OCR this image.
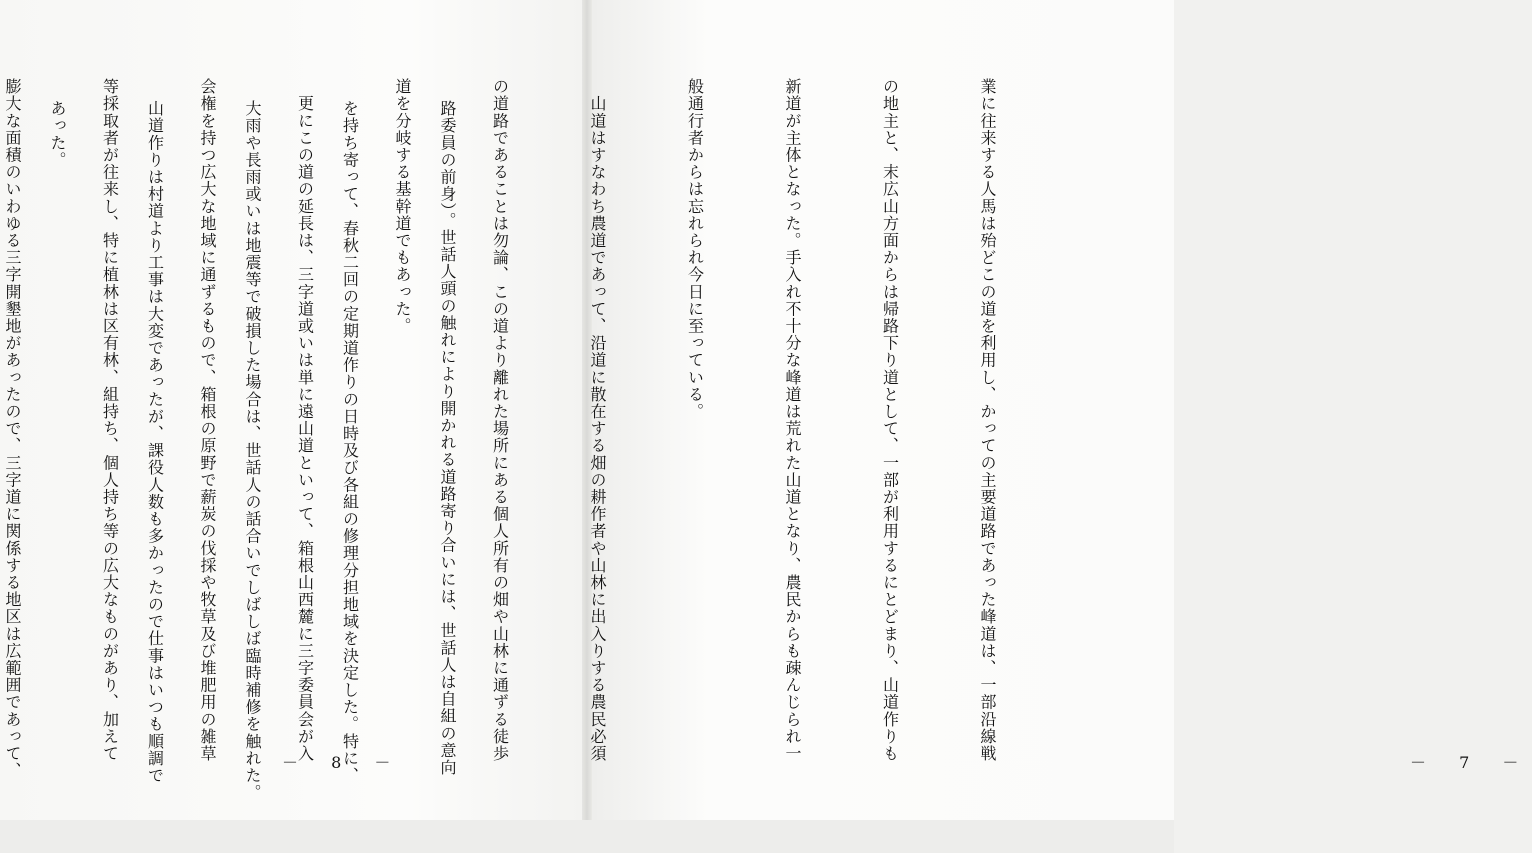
路委員の前身）。世話人頭の触れにより開かれる道路寄り合いには、世話人は自組の意向

を持ち寄って、春秋二回の定期道作りの日時及び各組の修理分担地域を決定した。特に、

大雨や長雨或いは地震等で破損した場合は、世話人の話合いでしばしば臨時補修を触れた。

山道作りは村道より工事は大変であったが、課役人数も多かったので仕事はいつも順調で

あった。

－ 8 －

業に往来する人馬は殆どこの道を利用し、かっての主要道路であった峰道は、一部沿線戦

の地主と、末広山方面からは帰路下り道として、一部が利用するにとどまり、山道作りも

新道が主体となった。手入れ不十分な峰道は荒れた山道となり、農民からも疎んじられ一

般通行者からは忘れられ今日に至っている。

　山道はすなわち農道であって、沿道に散在する畑の耕作者や山林に出入りする農民必須

の道路であることは勿論、この道より離れた場所にある個人所有の畑や山林に通ずる徒歩

道を分岐する基幹道でもあった。

　更にこの道の延長は、三字道或いは単に遠山道といって、箱根山西麓に三字委員会が入

会権を持つ広大な地域に通ずるもので、箱根の原野で薪炭の伐採や牧草及び堆肥用の雑草

等採取者が往来し、特に植林は区有林、組持ち、個人持ち等の広大なものがあり、加えて

膨大な面積のいわゆる三字開墾地があったので、三字道に関係する地区は広範囲であって、

	－ 7 －
